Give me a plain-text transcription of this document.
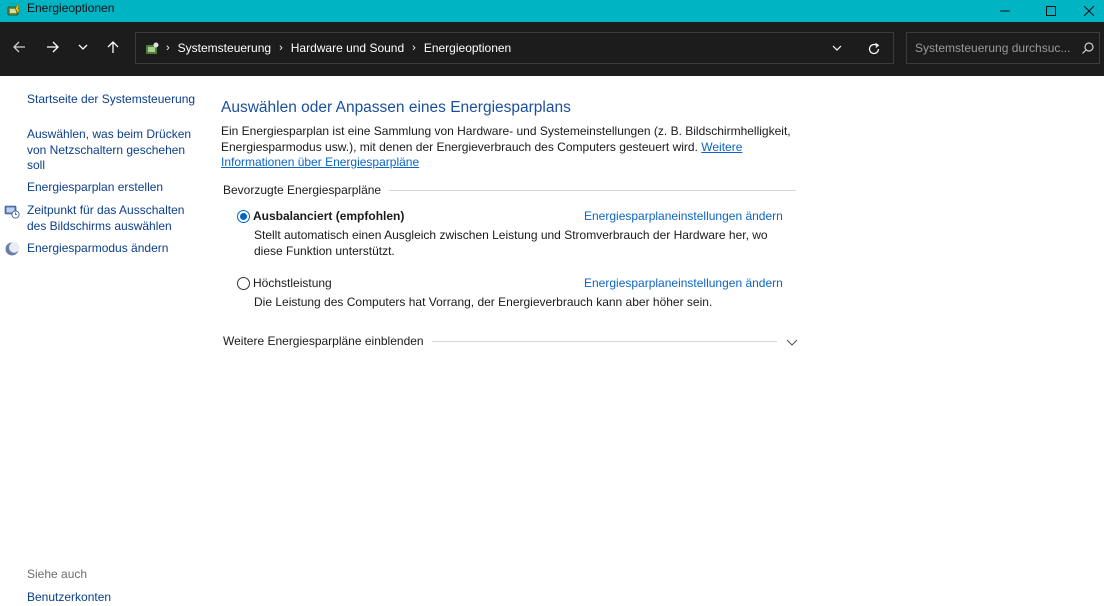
Energieoptionen
› Systemsteuerung › Hardware und Sound › Energieoptionen
Systemsteuerung durchsuc...
Startseite der Systemsteuerung
Auswählen, was beim Drücken von Netzschaltern geschehen soll
Energiesparplan erstellen
Zeitpunkt für das Ausschalten des Bildschirms auswählen
Energiesparmodus ändern
Siehe auch
Benutzerkonten
Auswählen oder Anpassen eines Energiesparplans
Ein Energiesparplan ist eine Sammlung von Hardware- und Systemeinstellungen (z. B. Bildschirmhelligkeit, Energiesparmodus usw.), mit denen der Energieverbrauch des Computers gesteuert wird. Weitere Informationen über Energiesparpläne
Bevorzugte Energiesparpläne
Ausbalanciert (empfohlen)	Energiesparplaneinstellungen ändern
Stellt automatisch einen Ausgleich zwischen Leistung und Stromverbrauch der Hardware her, wo diese Funktion unterstützt.
Höchstleistung	Energiesparplaneinstellungen ändern
Die Leistung des Computers hat Vorrang, der Energieverbrauch kann aber höher sein.
Weitere Energiesparpläne einblenden
